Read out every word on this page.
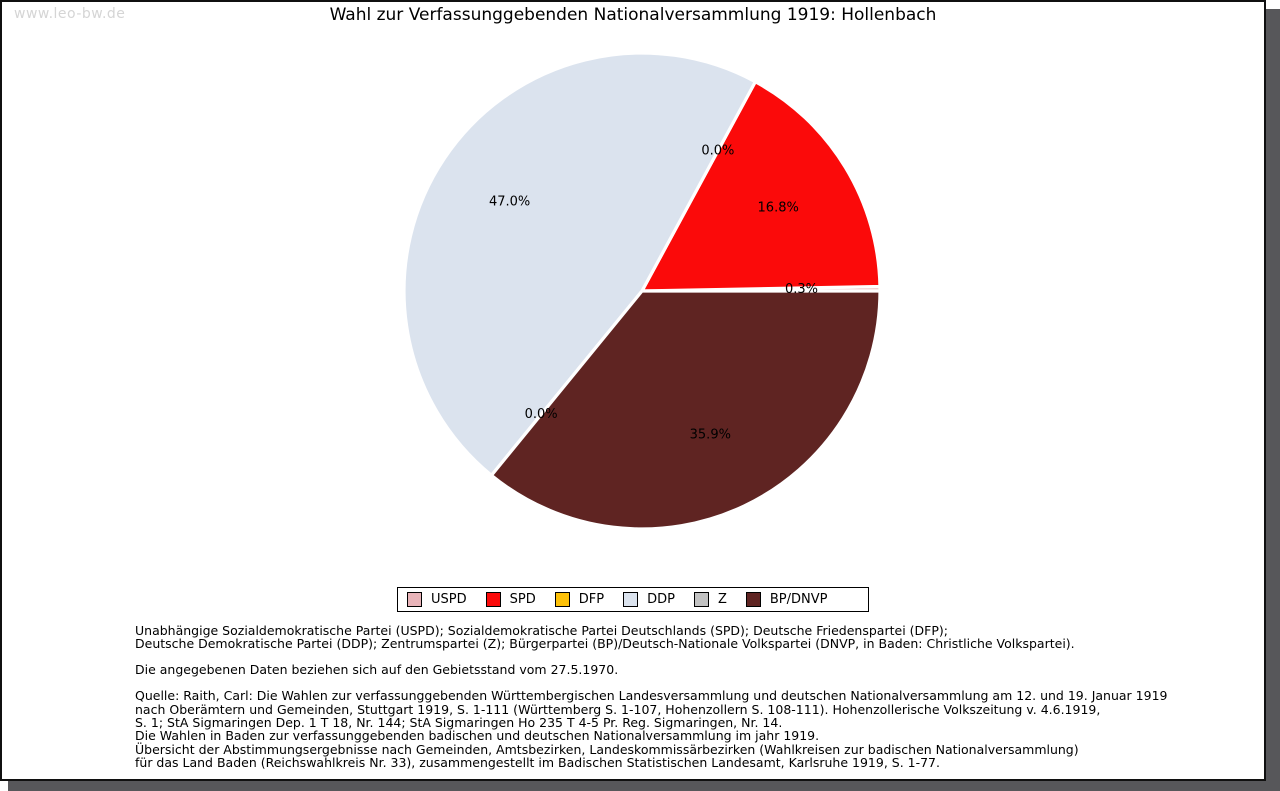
www.leo-bw.de	Wahl zur Verfassunggebenden Nationalversammlung 1919: Hollenbach
0.3%
16.8%
0.0%
47.0%
0.0%
35.9%
USPD	SPD	DFP	DDP	Z	BP/DNVP
Unabhängige Sozialdemokratische Partei (USPD); Sozialdemokratische Partei Deutschlands (SPD); Deutsche Friedenspartei (DFP);
Deutsche Demokratische Partei (DDP); Zentrumspartei (Z); Bürgerpartei (BP)/Deutsch-Nationale Volkspartei (DNVP, in Baden: Christliche Volkspartei).
Die angegebenen Daten beziehen sich auf den Gebietsstand vom 27.5.1970.
Quelle: Raith, Carl: Die Wahlen zur verfassunggebenden Württembergischen Landesversammlung und deutschen Nationalversammlung am 12. und 19. Januar 1919
nach Oberämtern und Gemeinden, Stuttgart 1919, S. 1-111 (Württemberg S. 1-107, Hohenzollern S. 108-111). Hohenzollerische Volkszeitung v. 4.6.1919,
S. 1; StA Sigmaringen Dep. 1 T 18, Nr. 144; StA Sigmaringen Ho 235 T 4-5 Pr. Reg. Sigmaringen, Nr. 14.
Die Wahlen in Baden zur verfassunggebenden badischen und deutschen Nationalversammlung im jahr 1919.
Übersicht der Abstimmungsergebnisse nach Gemeinden, Amtsbezirken, Landeskommissärbezirken (Wahlkreisen zur badischen Nationalversammlung)
für das Land Baden (Reichswahlkreis Nr. 33), zusammengestellt im Badischen Statistischen Landesamt, Karlsruhe 1919, S. 1-77.
